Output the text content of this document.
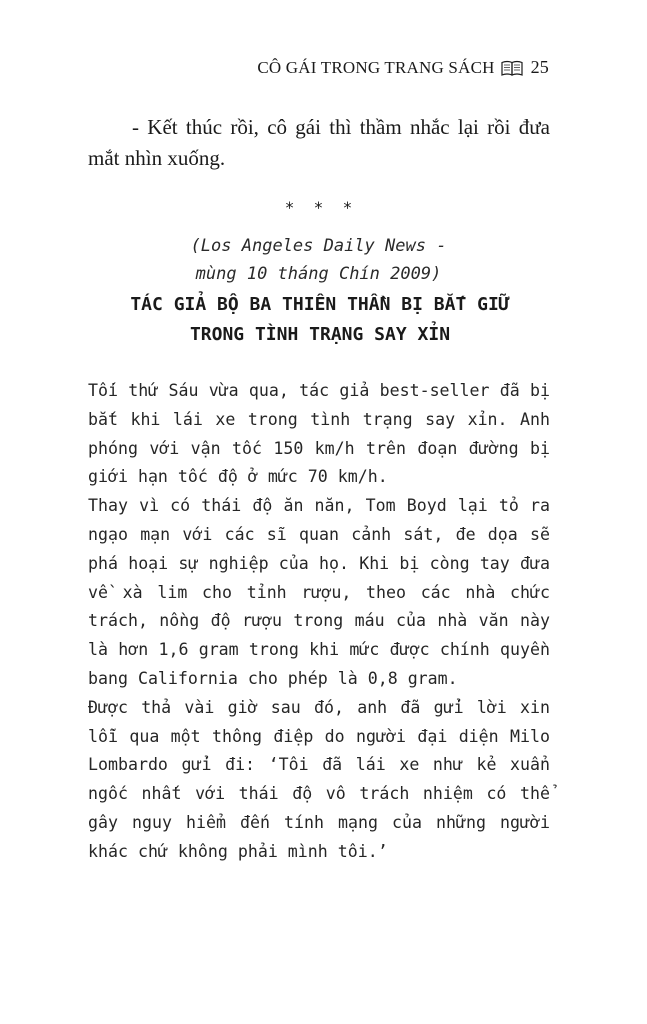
CÔ GÁI TRONG TRANG SÁCH 25
- Kết thúc rồi, cô gái thì thầm nhắc lại rồi đưa mắt nhìn xuống.
*  *  *
(Los Angeles Daily News -
mùng 10 tháng Chín 2009)
TÁC GIẢ BỘ BA THIÊN THẦN BỊ BẮT GIỮ
TRONG TÌNH TRẠNG SAY XỈN

Tối thứ Sáu vừa qua, tác giả best-seller đã bị bắt khi lái xe trong tình trạng say xỉn. Anh phóng với vận tốc 150 km/h trên đoạn đường bị giới hạn tốc độ ở mức 70 km/h.

Thay vì có thái độ ăn năn, Tom Boyd lại tỏ ra ngạo mạn với các sĩ quan cảnh sát, đe dọa sẽ phá hoại sự nghiệp của họ. Khi bị còng tay đưa về xà lim cho tỉnh rượu, theo các nhà chức trách, nồng độ rượu trong máu của nhà văn này là hơn 1,6 gram trong khi mức được chính quyền bang California cho phép là 0,8 gram.

Được thả vài giờ sau đó, anh đã gửi lời xin lỗi qua một thông điệp do người đại diện Milo Lombardo gửi đi: ‘Tôi đã lái xe như kẻ xuẩn ngốc nhất với thái độ vô trách nhiệm có thể gây nguy hiểm đến tính mạng của những người khác chứ không phải mình tôi.’
